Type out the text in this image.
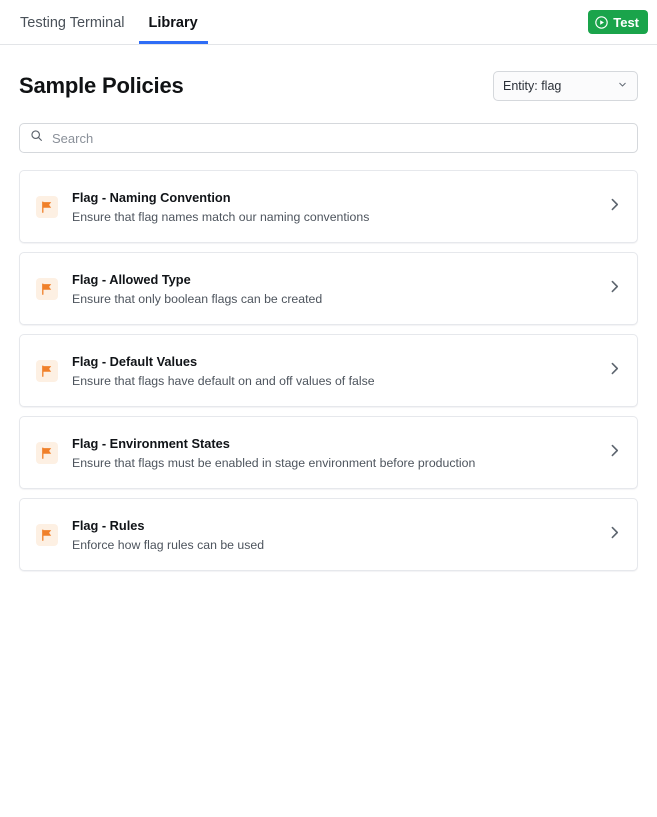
Testing Terminal	Library	Test
Sample Policies	Entity: flag
Search
Flag - Naming Convention
Ensure that flag names match our naming conventions
Flag - Allowed Type
Ensure that only boolean flags can be created
Flag - Default Values
Ensure that flags have default on and off values of false
Flag - Environment States
Ensure that flags must be enabled in stage environment before production
Flag - Rules
Enforce how flag rules can be used
